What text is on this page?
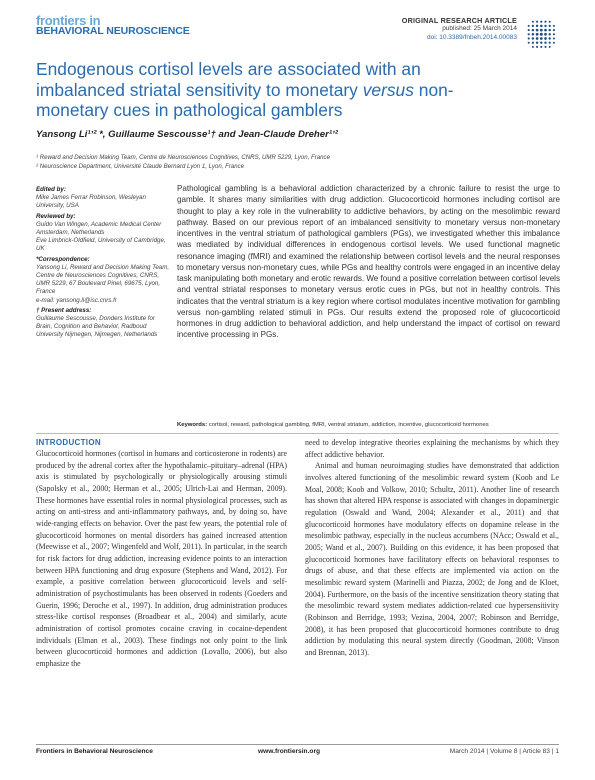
frontiers in
BEHAVIORAL NEUROSCIENCE
ORIGINAL RESEARCH ARTICLE
published: 25 March 2014
doi: 10.3389/fnbeh.2014.00083
Endogenous cortisol levels are associated with an imbalanced striatal sensitivity to monetary versus non-monetary cues in pathological gamblers
Yansong Li¹ʼ² *, Guillaume Sescousse¹† and Jean-Claude Dreher¹ʼ²
¹ Reward and Decision Making Team, Centre de Neurosciences Cognitives, CNRS, UMR 5229, Lyon, France
² Neuroscience Department, Université Claude Bernard Lyon 1, Lyon, France
Edited by:
Mike James Ferrar Robinson, Wesleyan University, USA
Reviewed by:
Guido Van Wingen, Academic Medical Center Amsterdam, Netherlands
Eve Limbrick-Oldfield, University of Cambridge, UK
*Correspondence:
Yansong Li, Reward and Decision Making Team, Centre de Neurosciences Cognitives, CNRS, UMR 5229, 67 Boulevard Pinel, 69675, Lyon, France
e-mail: yansong.li@isc.cnrs.fr
† Present address:
Guillaume Sescousse, Donders Institute for Brain, Cognition and Behavior, Radboud University Nijmegen, Nijmegen, Netherlands

Pathological gambling is a behavioral addiction characterized by a chronic failure to resist the urge to gamble. It shares many similarities with drug addiction. Glucocorticoid hormones including cortisol are thought to play a key role in the vulnerability to addictive behaviors, by acting on the mesolimbic reward pathway. Based on our previous report of an imbalanced sensitivity to monetary versus non-monetary incentives in the ventral striatum of pathological gamblers (PGs), we investigated whether this imbalance was mediated by individual differences in endogenous cortisol levels. We used functional magnetic resonance imaging (fMRI) and examined the relationship between cortisol levels and the neural responses to monetary versus non-monetary cues, while PGs and healthy controls were engaged in an incentive delay task manipulating both monetary and erotic rewards. We found a positive correlation between cortisol levels and ventral striatal responses to monetary versus erotic cues in PGs, but not in healthy controls. This indicates that the ventral striatum is a key region where cortisol modulates incentive motivation for gambling versus non-gambling related stimuli in PGs. Our results extend the proposed role of glucocorticoid hormones in drug addiction to behavioral addiction, and help understand the impact of cortisol on reward incentive processing in PGs.

Keywords: cortisol, reward, pathological gambling, fMRI, ventral striatum, addiction, incentive, glucocorticoid hormones

INTRODUCTION

Glucocorticoid hormones (cortisol in humans and corticosterone in rodents) are produced by the adrenal cortex after the hypothalamic–pituitary–adrenal (HPA) axis is stimulated by psychologically or physiologically arousing stimuli (Sapolsky et al., 2000; Herman et al., 2005; Ulrich-Lai and Herman, 2009). These hormones have essential roles in normal physiological processes, such as acting on anti-stress and anti-inflammatory pathways, and, by doing so, have wide-ranging effects on behavior. Over the past few years, the potential role of glucocorticoid hormones on mental disorders has gained increased attention (Meewisse et al., 2007; Wingenfeld and Wolf, 2011). In particular, in the search for risk factors for drug addiction, increasing evidence points to an interaction between HPA functioning and drug exposure (Stephens and Wand, 2012). For example, a positive correlation between glucocorticoid levels and self-administration of psychostimulants has been observed in rodents (Goeders and Guerin, 1996; Deroche et al., 1997). In addition, drug administration produces stress-like cortisol responses (Broadbear et al., 2004) and similarly, acute administration of cortisol promotes cocaine craving in cocaine-dependent individuals (Elman et al., 2003). These findings not only point to the link between glucocorticoid hormones and addiction (Lovallo, 2006), but also emphasize the

need to develop integrative theories explaining the mechanisms by which they affect addictive behavior.

Animal and human neuroimaging studies have demonstrated that addiction involves altered functioning of the mesolimbic reward system (Koob and Le Moal, 2008; Koob and Volkow, 2010; Schultz, 2011). Another line of research has shown that altered HPA response is associated with changes in dopaminergic regulation (Oswald and Wand, 2004; Alexander et al., 2011) and that glucocorticoid hormones have modulatory effects on dopamine release in the mesolimbic pathway, especially in the nucleus accumbens (NAcc; Oswald et al., 2005; Wand et al., 2007). Building on this evidence, it has been proposed that glucocorticoid hormones have facilitatory effects on behavioral responses to drugs of abuse, and that these effects are implemented via action on the mesolimbic reward system (Marinelli and Piazza, 2002; de Jong and de Kloet, 2004). Furthermore, on the basis of the incentive sensitization theory stating that the mesolimbic reward system mediates addiction-related cue hypersensitivity (Robinson and Berridge, 1993; Vezina, 2004, 2007; Robinson and Berridge, 2008), it has been proposed that glucocorticoid hormones contribute to drug addiction by modulating this neural system directly (Goodman, 2008; Vinson and Brennan, 2013).

Frontiers in Behavioral Neuroscience	www.frontiersin.org	March 2014 | Volume 8 | Article 83 | 1
